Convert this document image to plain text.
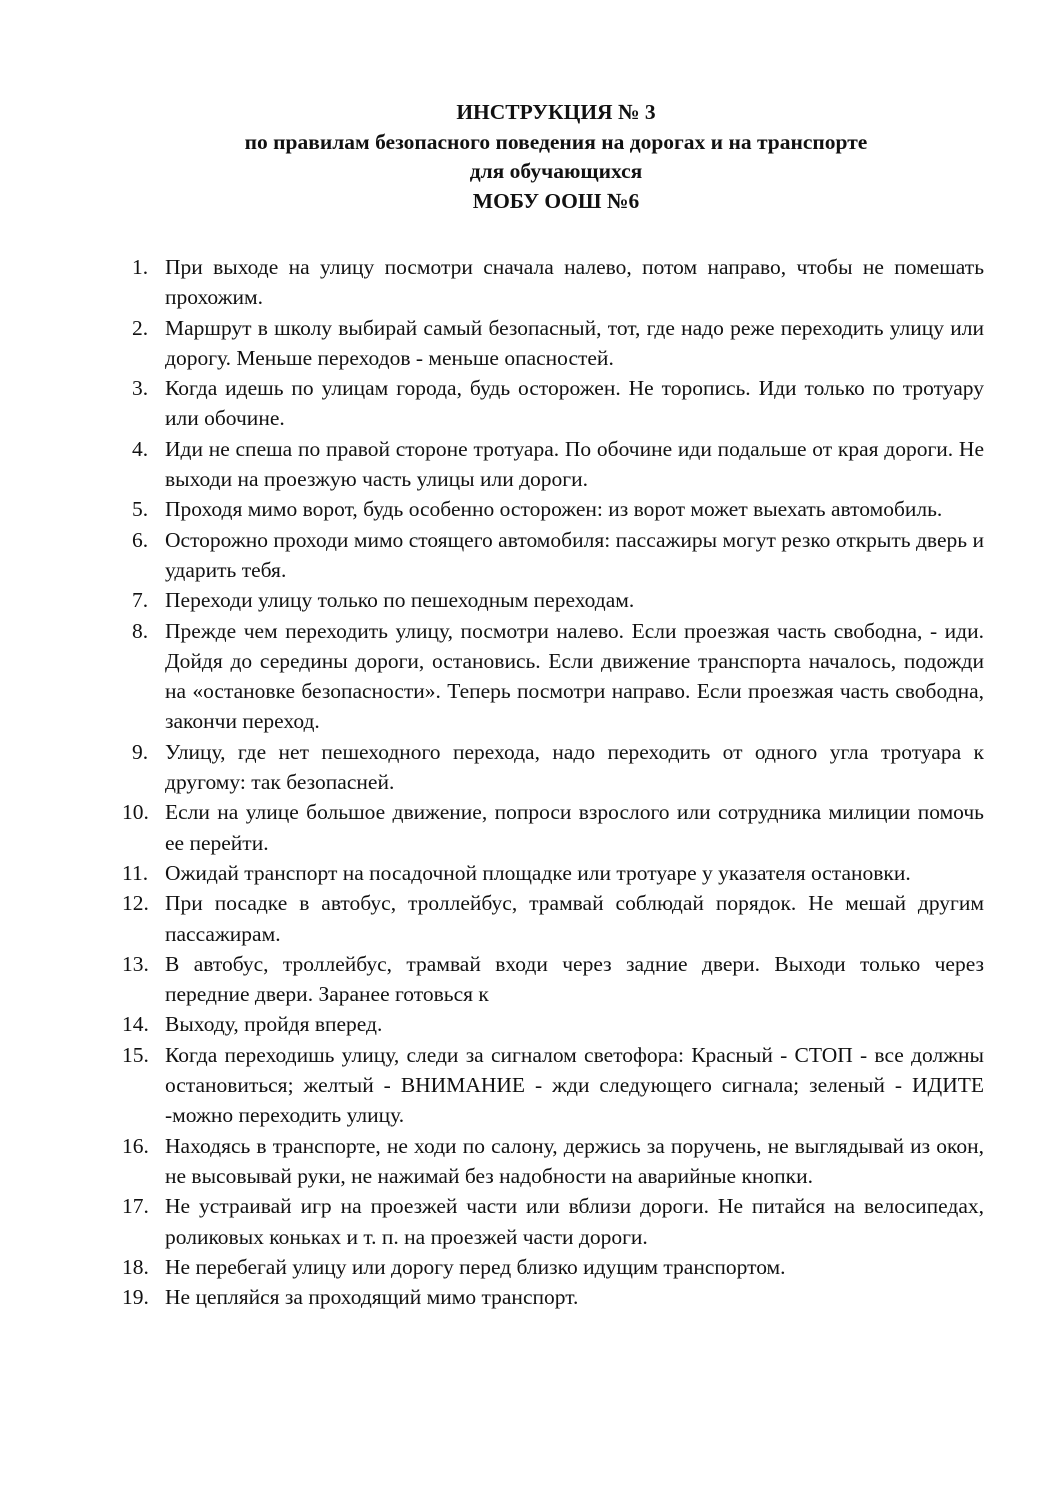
ИНСТРУКЦИЯ № 3
по правилам безопасного поведения на дорогах и на транспорте
для обучающихся
МОБУ ООШ №6
1. При выходе на улицу посмотри сначала налево, потом направо, чтобы не помешать прохожим.
2. Маршрут в школу выбирай самый безопасный, тот, где надо реже переходить улицу или дорогу. Меньше переходов - меньше опасностей.
3. Когда идешь по улицам города, будь осторожен. Не торопись. Иди только по тротуару или обочине.
4. Иди не спеша по правой стороне тротуара. По обочине иди подальше от края дороги. Не выходи на проезжую часть улицы или дороги.
5. Проходя мимо ворот, будь особенно осторожен: из ворот может выехать автомобиль.
6. Осторожно проходи мимо стоящего автомобиля: пассажиры могут резко открыть дверь и ударить тебя.
7. Переходи улицу только по пешеходным переходам.
8. Прежде чем переходить улицу, посмотри налево. Если проезжая часть свободна, - иди. Дойдя до середины дороги, остановись. Если движение транспорта началось, подожди на «остановке безопасности». Теперь посмотри направо. Если проезжая часть свободна, закончи переход.
9. Улицу, где нет пешеходного перехода, надо переходить от одного угла тротуара к другому: так безопасней.
10. Если на улице большое движение, попроси взрослого или сотрудника милиции помочь ее перейти.
11. Ожидай транспорт на посадочной площадке или тротуаре у указателя остановки.
12. При посадке в автобус, троллейбус, трамвай соблюдай порядок. Не мешай другим пассажирам.
13. В автобус, троллейбус, трамвай входи через задние двери. Выходи только через передние двери. Заранее готовься к
14. Выходу, пройдя вперед.
15. Когда переходишь улицу, следи за сигналом светофора: Красный - СТОП - все должны остановиться; желтый - ВНИМАНИЕ - жди следующего сигнала; зеленый - ИДИТЕ -можно переходить улицу.
16. Находясь в транспорте, не ходи по салону, держись за поручень, не выглядывай из окон, не высовывай руки, не нажимай без надобности на аварийные кнопки.
17. Не устраивай игр на проезжей части или вблизи дороги. Не питайся на велосипедах, роликовых коньках и т. п. на проезжей части дороги.
18. Не перебегай улицу или дорогу перед близко идущим транспортом.
19. Не цепляйся за проходящий мимо транспорт.
